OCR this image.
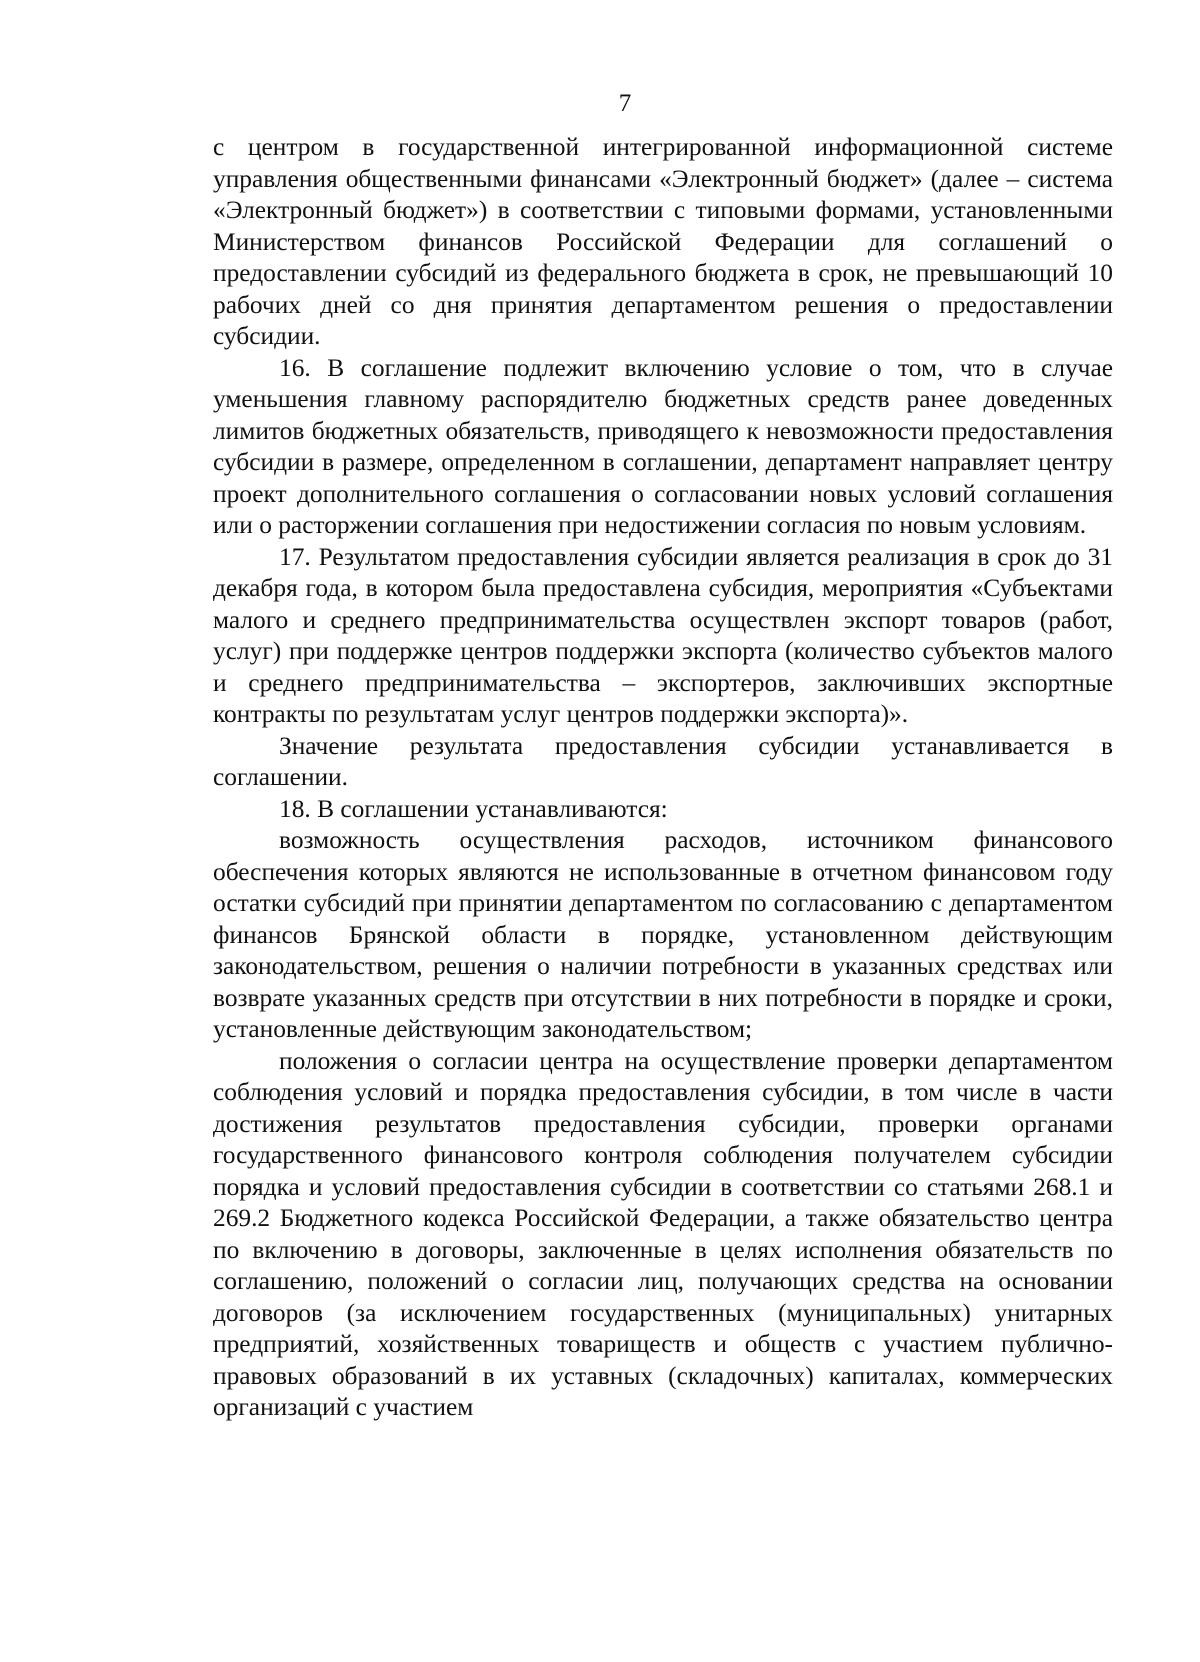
7

с центром в государственной интегрированной информационной системе управления общественными финансами «Электронный бюджет» (далее – система «Электронный бюджет») в соответствии с типовыми формами, установленными Министерством финансов Российской Федерации для соглашений о предоставлении субсидий из федерального бюджета в срок, не превышающий 10 рабочих дней со дня принятия департаментом решения о предоставлении субсидии.

16. В соглашение подлежит включению условие о том, что в случае уменьшения главному распорядителю бюджетных средств ранее доведенных лимитов бюджетных обязательств, приводящего к невозможности предоставления субсидии в размере, определенном в соглашении, департамент направляет центру проект дополнительного соглашения о согласовании новых условий соглашения или о расторжении соглашения при недостижении согласия по новым условиям.

17. Результатом предоставления субсидии является реализация в срок до 31 декабря года, в котором была предоставлена субсидия, мероприятия «Субъектами малого и среднего предпринимательства осуществлен экспорт товаров (работ, услуг) при поддержке центров поддержки экспорта (количество субъектов малого и среднего предпринимательства – экспортеров, заключивших экспортные контракты по результатам услуг центров поддержки экспорта)».

Значение результата предоставления субсидии устанавливается в соглашении.

18. В соглашении устанавливаются:

возможность осуществления расходов, источником финансового обеспечения которых являются не использованные в отчетном финансовом году остатки субсидий при принятии департаментом по согласованию с департаментом финансов Брянской области в порядке, установленном действующим законодательством, решения о наличии потребности в указанных средствах или возврате указанных средств при отсутствии в них потребности в порядке и сроки, установленные действующим законодательством;

положения о согласии центра на осуществление проверки департаментом соблюдения условий и порядка предоставления субсидии, в том числе в части достижения результатов предоставления субсидии, проверки органами государственного финансового контроля соблюдения получателем субсидии порядка и условий предоставления субсидии в соответствии со статьями 268.1 и 269.2 Бюджетного кодекса Российской Федерации, а также обязательство центра по включению в договоры, заключенные в целях исполнения обязательств по соглашению, положений о согласии лиц, получающих средства на основании договоров (за исключением государственных (муниципальных) унитарных предприятий, хозяйственных товариществ и обществ с участием публично-правовых образований в их уставных (складочных) капиталах, коммерческих организаций с участием
